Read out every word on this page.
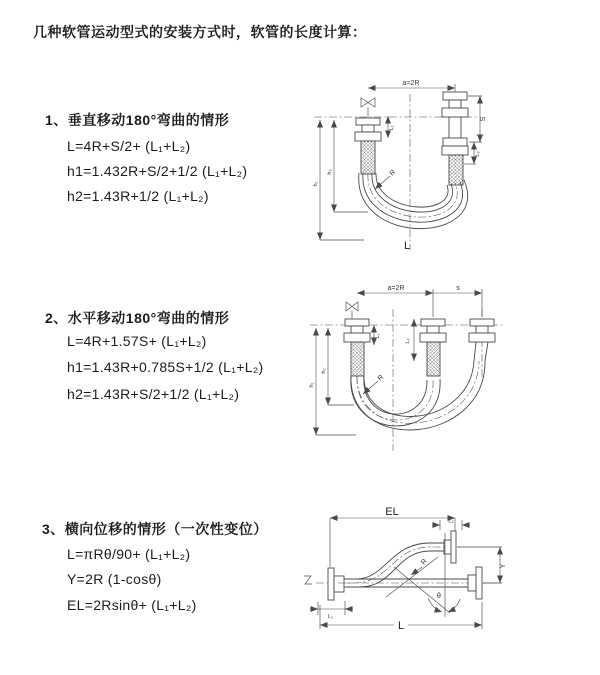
几种软管运动型式的安装方式时，软管的长度计算：
1、垂直移动180°弯曲的情形
L=4R+S/2+ (L₁+L₂)
h1=1.432R+S/2+1/2 (L₁+L₂)
h2=1.43R+1/2 (L₁+L₂)
2、水平移动180°弯曲的情形
L=4R+1.57S+ (L₁+L₂)
h1=1.43R+0.785S+1/2 (L₁+L₂)
h2=1.43R+S/2+1/2 (L₁+L₂)
3、横向位移的情形（一次性变位）
L=πRθ/90+ (L₁+L₂)
Y=2R (1-cosθ)
EL=2Rsinθ+ (L₁+L₂)
a=2R
R
h₁
h₂
L₁
S
L₂
L
a=2R	s
R
h₁
h₂
L₁
L₂
EL
L₂
R
θ
Y
L₁
L
